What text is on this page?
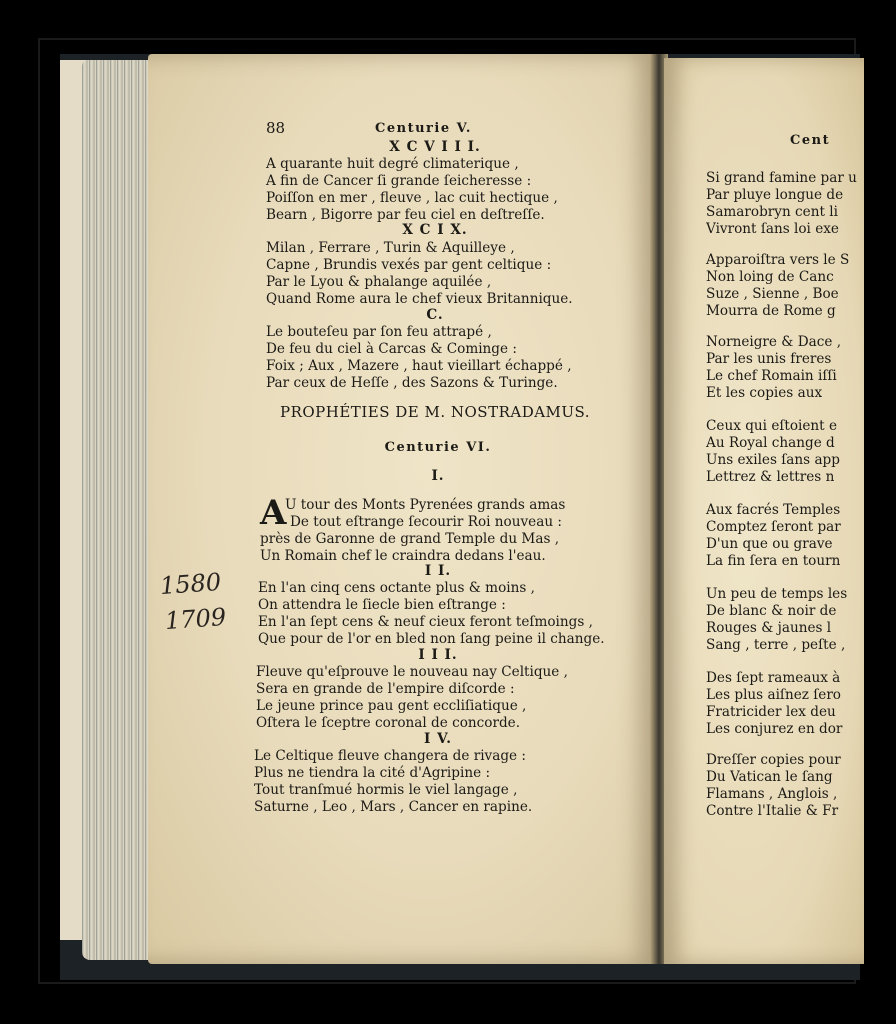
88	Centurie V.
X C V I I I.
A quarante huit degré climaterique ,
A fin de Cancer ſi grande ſeicheresse :
Poiſſon en mer , fleuve , lac cuit hectique ,
Bearn , Bigorre par feu ciel en deſtreſſe.
X C I X.
Milan , Ferrare , Turin & Aquilleye ,
Capne , Brundis vexés par gent celtique :
Par le Lyou & phalange aquilée ,
Quand Rome aura le chef vieux Britannique.
C.
Le bouteſeu par ſon feu attrapé ,
De feu du ciel à Carcas & Cominge :
Foix ; Aux , Mazere , haut vieillart échappé ,
Par ceux de Heſſe , des Sazons & Turinge.
PROPHÉTIES DE M. NOSTRADAMUS.
Centurie VI.
I.
A
U tour des Monts Pyrenées grands amas
De tout eſtrange ſecourir Roi nouveau :
près de Garonne de grand Temple du Mas ,
Un Romain chef le craindra dedans l'eau.
I I.
En l'an cinq cens octante plus & moins ,
On attendra le ſiecle bien eſtrange :
En l'an ſept cens & neuf cieux feront teſmoings ,
Que pour de l'or en bled non ſang peine il change.
I I I.
Fleuve qu'eſprouve le nouveau nay Celtique ,
Sera en grande de l'empire diſcorde :
Le jeune prince pau gent eccliſiatique ,
Oſtera le ſceptre coronal de concorde.
I V.
Le Celtique fleuve changera de rivage :
Plus ne tiendra la cité d'Agripine :
Tout tranſmué hormis le viel langage ,
Saturne , Leo , Mars , Cancer en rapine.
1580
1709
Cent
Si grand famine par u
Par pluye longue de
Samarobryn cent li
Vivront ſans loi exe
Apparoiſtra vers le S
Non loing de Canc
Suze , Sienne , Boe
Mourra de Rome g
Norneigre & Dace ,
Par les unis freres
Le chef Romain iſſi
Et les copies aux
Ceux qui eſtoient e
Au Royal change d
Uns exiles ſans app
Lettrez & lettres n
Aux facrés Temples
Comptez ſeront par
D'un que ou grave
La fin ſera en tourn
Un peu de temps les
De blanc & noir de
Rouges & jaunes l
Sang , terre , peſte ,
Des ſept rameaux à
Les plus aiſnez ſero
Fratricider lex deu
Les conjurez en dor
Dreſſer copies pour
Du Vatican le ſang
Flamans , Anglois ,
Contre l'Italie & Fr
